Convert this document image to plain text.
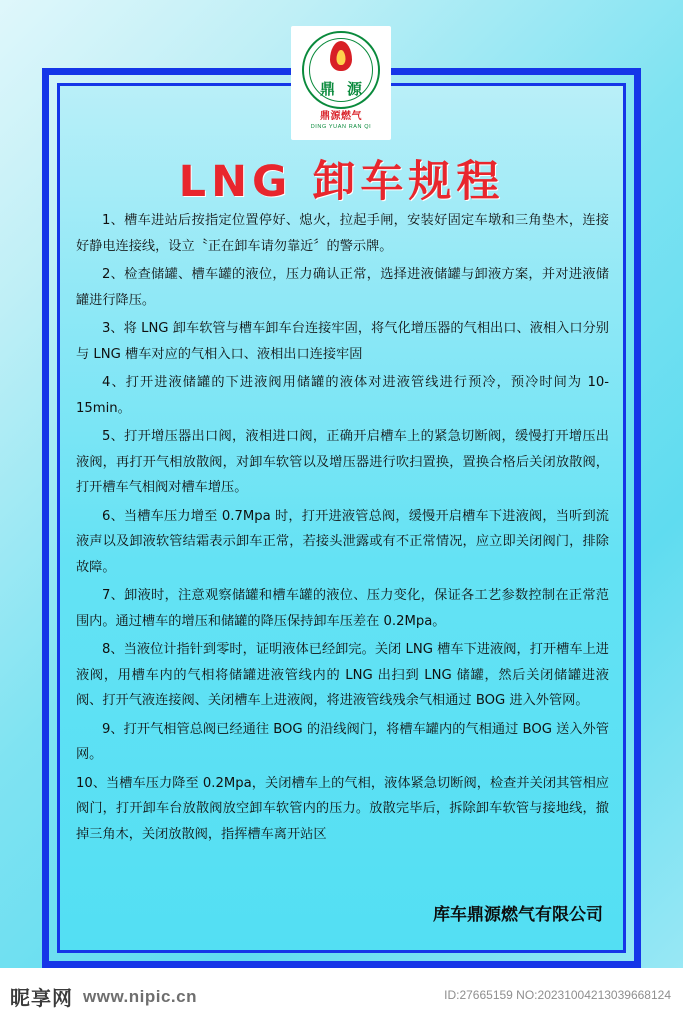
鼎源
鼎源燃气
DING YUAN RAN QI
LNG 卸车规程

1、槽车进站后按指定位置停好、熄火，拉起手闸，安装好固定车墩和三角垫木，连接好静电连接线，设立〝正在卸车请勿靠近〞的警示牌。

2、检查储罐、槽车罐的液位，压力确认正常，选择进液储罐与卸液方案，并对进液储罐进行降压。

3、将 LNG 卸车软管与槽车卸车台连接牢固，将气化增压器的气相出口、液相入口分别与 LNG 槽车对应的气相入口、液相出口连接牢固

4、打开进液储罐的下进液阀用储罐的液体对进液管线进行预冷，预冷时间为 10-15min。

5、打开增压器出口阀，液相进口阀，正确开启槽车上的紧急切断阀，缓慢打开增压出液阀，再打开气相放散阀，对卸车软管以及增压器进行吹扫置换，置换合格后关闭放散阀，打开槽车气相阀对槽车增压。

6、当槽车压力增至 0.7Mpa 时，打开进液管总阀，缓慢开启槽车下进液阀，当听到流液声以及卸液软管结霜表示卸车正常，若接头泄露或有不正常情况，应立即关闭阀门，排除故障。

7、卸液时，注意观察储罐和槽车罐的液位、压力变化，保证各工艺参数控制在正常范围内。通过槽车的增压和储罐的降压保持卸车压差在 0.2Mpa。

8、当液位计指针到零时，证明液体已经卸完。关闭 LNG 槽车下进液阀，打开槽车上进液阀，用槽车内的气相将储罐进液管线内的 LNG 出扫到 LNG 储罐，然后关闭储罐进液阀、打开气液连接阀、关闭槽车上进液阀，将进液管线残余气相通过 BOG 进入外管网。

9、打开气相管总阀已经通往 BOG 的沿线阀门，将槽车罐内的气相通过 BOG 送入外管网。

10、当槽车压力降至 0.2Mpa，关闭槽车上的气相，液体紧急切断阀，检查并关闭其管相应阀门，打开卸车台放散阀放空卸车软管内的压力。放散完毕后，拆除卸车软管与接地线，撤掉三角木，关闭放散阀，指挥槽车离开站区

库车鼎源燃气有限公司
昵享网 www.nipic.cn	ID:27665159 NO:20231004213039668124
